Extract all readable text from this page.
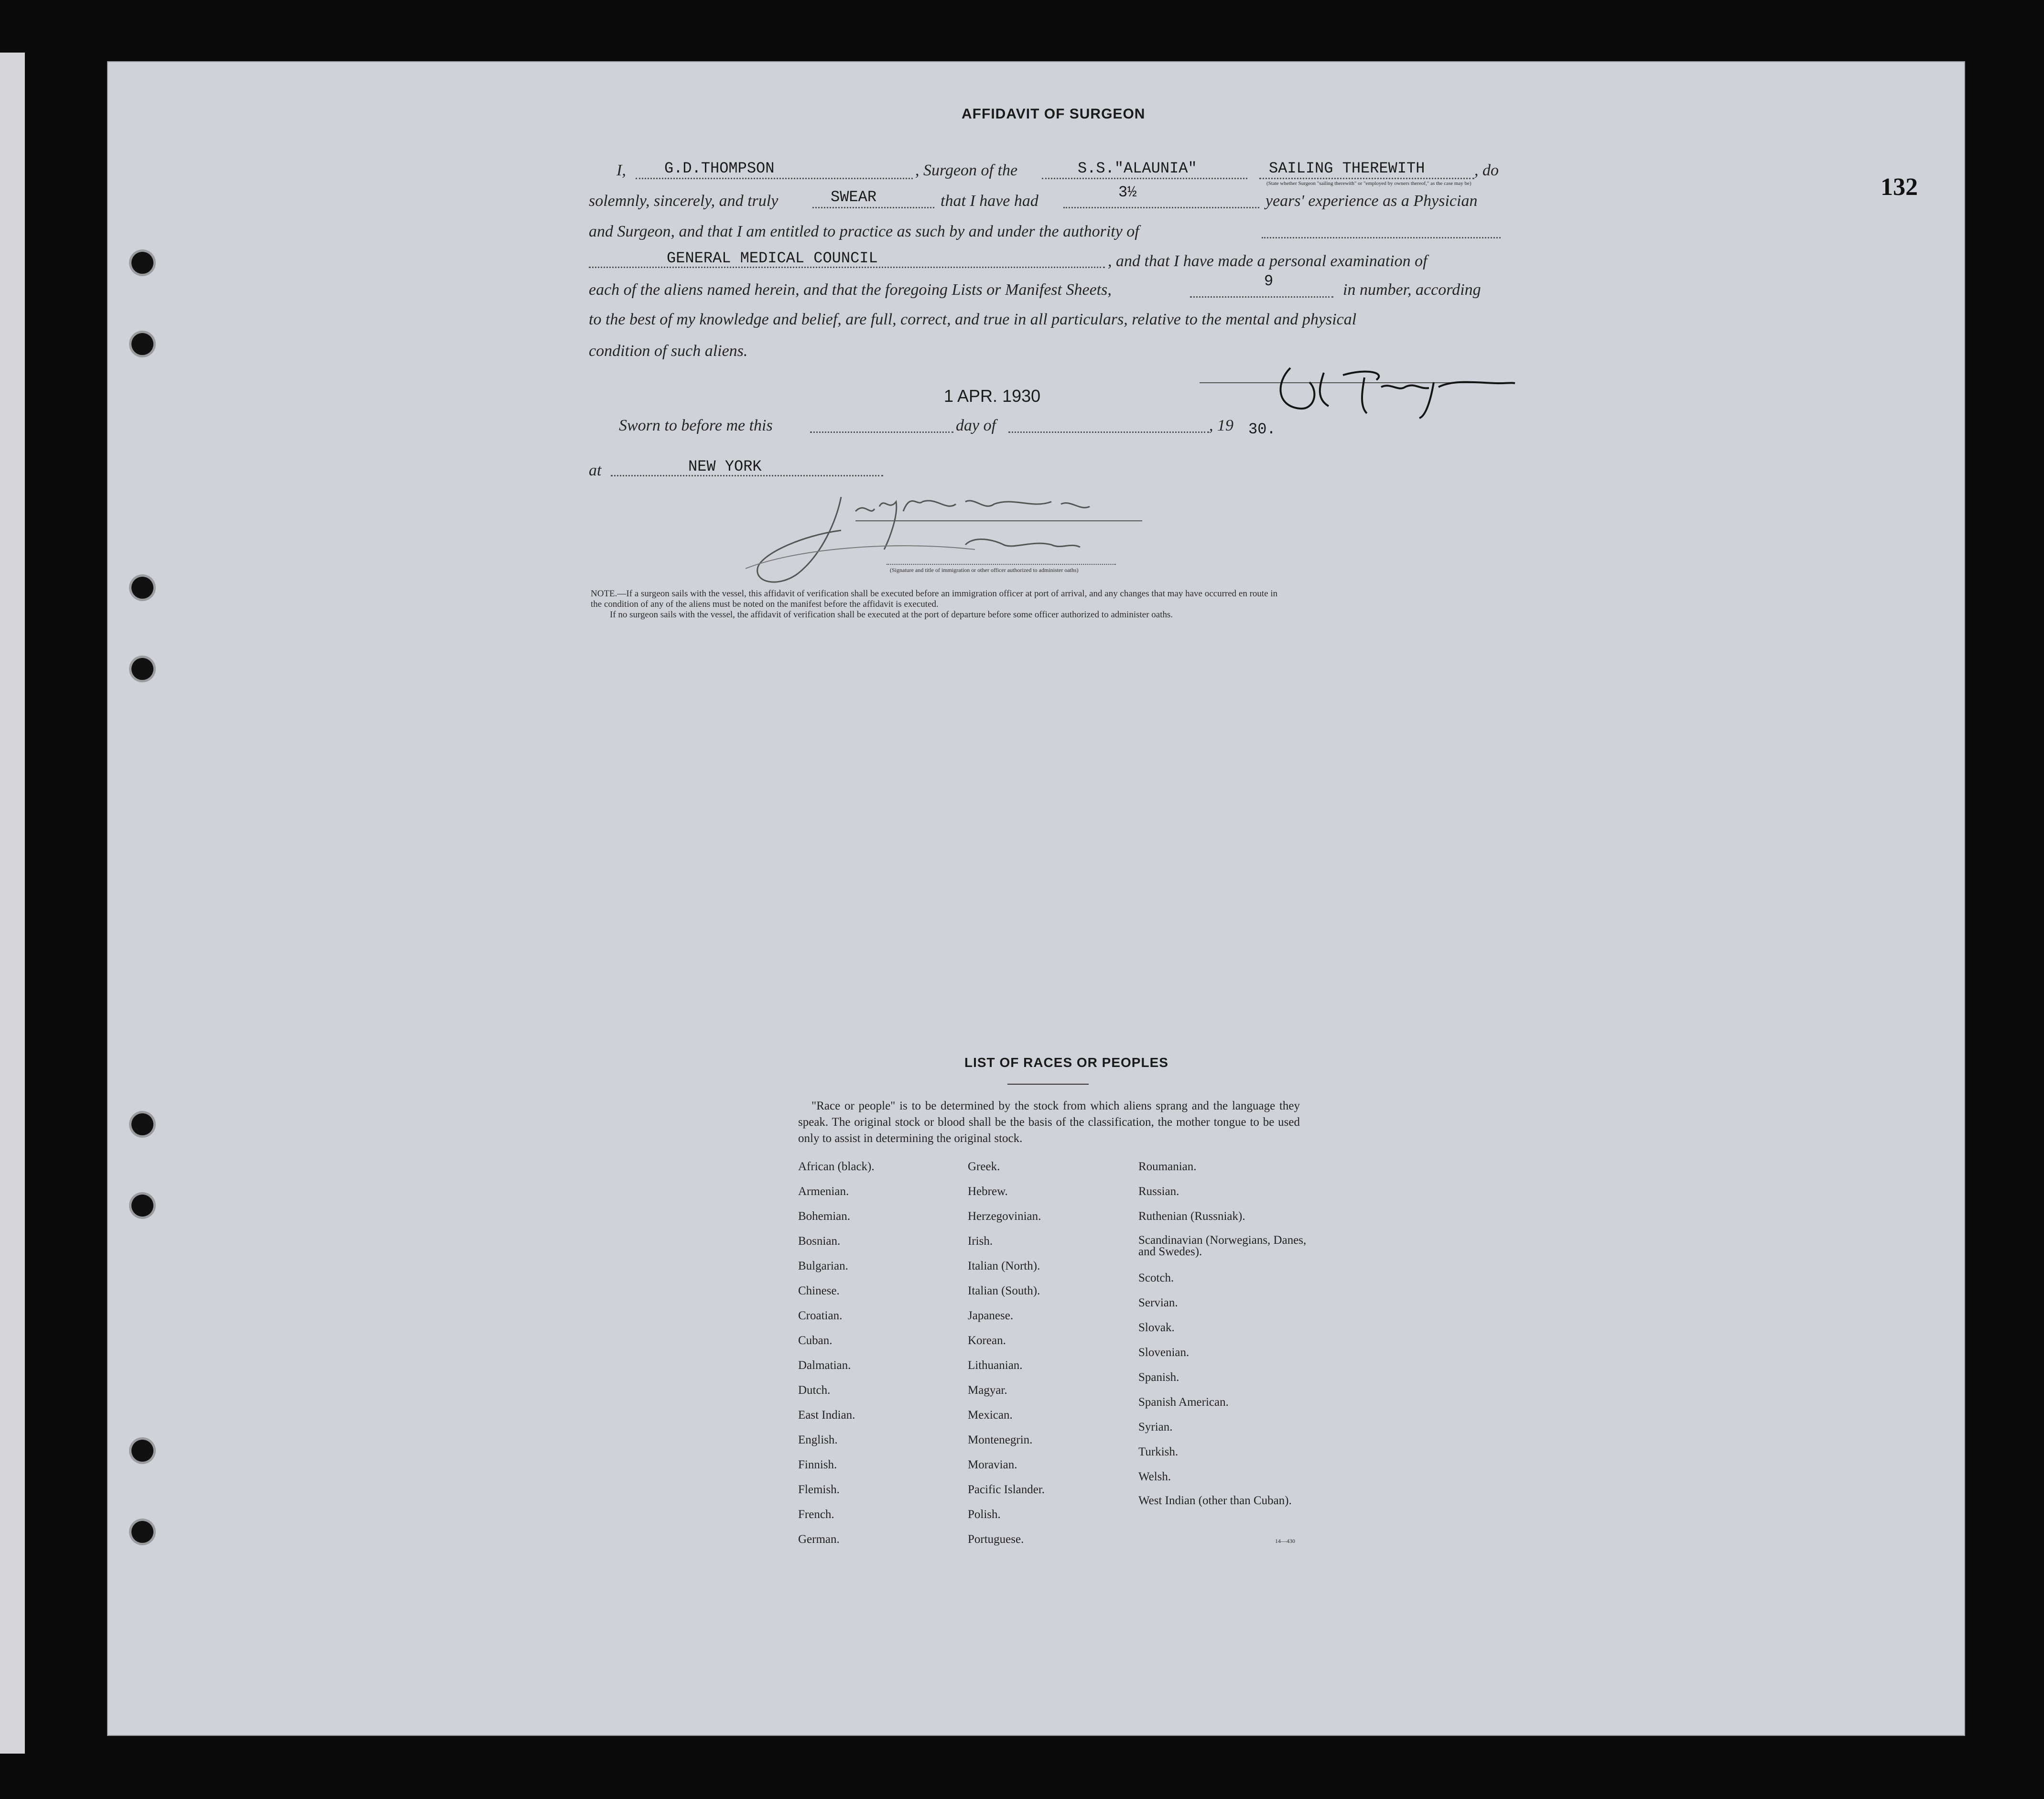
132
AFFIDAVIT OF SURGEON
I,	G.D.THOMPSON	, Surgeon of the	S.S."ALAUNIA"	SAILING THEREWITH	, do
(State whether Surgeon "sailing therewith" or "employed by owners thereof," as the case may be)
solemnly, sincerely, and truly	SWEAR	that I have had	3½	years' experience as a Physician
and Surgeon, and that I am entitled to practice as such by and under the authority of
GENERAL MEDICAL COUNCIL	, and that I have made a personal examination of
each of the aliens named herein, and that the foregoing Lists or Manifest Sheets,	9	in number, according
to the best of my knowledge and belief, are full, correct, and true in all particulars, relative to the mental and physical
condition of such aliens.
1 APR. 1930
Sworn to before me this	day of	, 19 30.
at	NEW YORK
(Signature and title of immigration or other officer authorized to administer oaths)
NOTE.—If a surgeon sails with the vessel, this affidavit of verification shall be executed before an immigration officer at port of arrival, and any changes that may have occurred en route in
the condition of any of the aliens must be noted on the manifest before the affidavit is executed.
If no surgeon sails with the vessel, the affidavit of verification shall be executed at the port of departure before some officer authorized to administer oaths.
LIST OF RACES OR PEOPLES
"Race or people" is to be determined by the stock from which aliens sprang and the language they speak. The original stock or blood shall be the basis of the classification, the mother tongue to be used only to assist in determining the original stock.
African (black).
Armenian.
Bohemian.
Bosnian.
Bulgarian.
Chinese.
Croatian.
Cuban.
Dalmatian.
Dutch.
East Indian.
English.
Finnish.
Flemish.
French.
German.
Greek.
Hebrew.
Herzegovinian.
Irish.
Italian (North).
Italian (South).
Japanese.
Korean.
Lithuanian.
Magyar.
Mexican.
Montenegrin.
Moravian.
Pacific Islander.
Polish.
Portuguese.
Roumanian.
Russian.
Ruthenian (Russniak).
Scandinavian (Norwegians, Danes, and Swedes).
Scotch.
Servian.
Slovak.
Slovenian.
Spanish.
Spanish American.
Syrian.
Turkish.
Welsh.
West Indian (other than Cuban).
14—430
